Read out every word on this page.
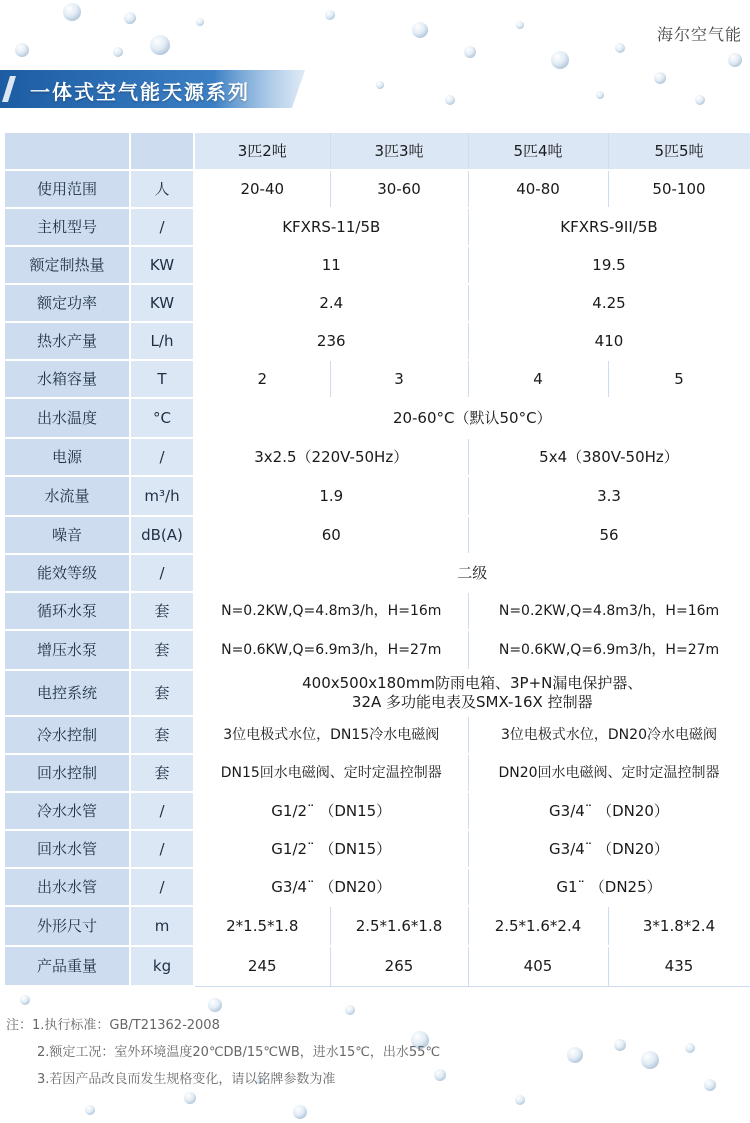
海尔空气能
一体式空气能天源系列
		3匹2吨	3匹3吨	5匹4吨	5匹5吨
使用范围	人	20-40	30-60	40-80	50-100
主机型号	/	KFXRS-11/5B		KFXRS-9II/5B	
额定制热量	KW	11		19.5	
额定功率	KW	2.4		4.25	
热水产量	L/h	236		410	
水箱容量	T	2	3	4	5
出水温度	°C	20-60°C（默认50°C）			
电源	/	3x2.5（220V-50Hz）		5x4（380V-50Hz）	
水流量	m³/h	1.9		3.3	
噪音	dB(A)	60		56	
能效等级	/	二级			
循环水泵	套	N=0.2KW,Q=4.8m3/h，H=16m		N=0.2KW,Q=4.8m3/h，H=16m	
增压水泵	套	N=0.6KW,Q=6.9m3/h，H=27m		N=0.6KW,Q=6.9m3/h，H=27m	
电控系统	套	400x500x180mm防雨电箱、3P+N漏电保护器、
32A 多功能电表及SMX-16X 控制器			

冷水控制	套	3位电极式水位，DN15冷水电磁阀		3位电极式水位，DN20冷水电磁阀	
回水控制	套	DN15回水电磁阀、定时定温控制器		DN20回水电磁阀、定时定温控制器	
冷水水管	/	G1/2¨ （DN15）		G3/4¨ （DN20）	
回水水管	/	G1/2¨ （DN15）		G3/4¨ （DN20）	
出水水管	/	G3/4¨ （DN20）		G1¨ （DN25）	
外形尺寸	m	2*1.5*1.8	2.5*1.6*1.8	2.5*1.6*2.4	3*1.8*2.4
产品重量	kg	245	265	405	435
注：1.执行标准：GB/T21362-2008
2.额定工况：室外环境温度20℃DB/15℃WB，进水15℃，出水55℃
3.若因产品改良而发生规格变化，请以铭牌参数为准
